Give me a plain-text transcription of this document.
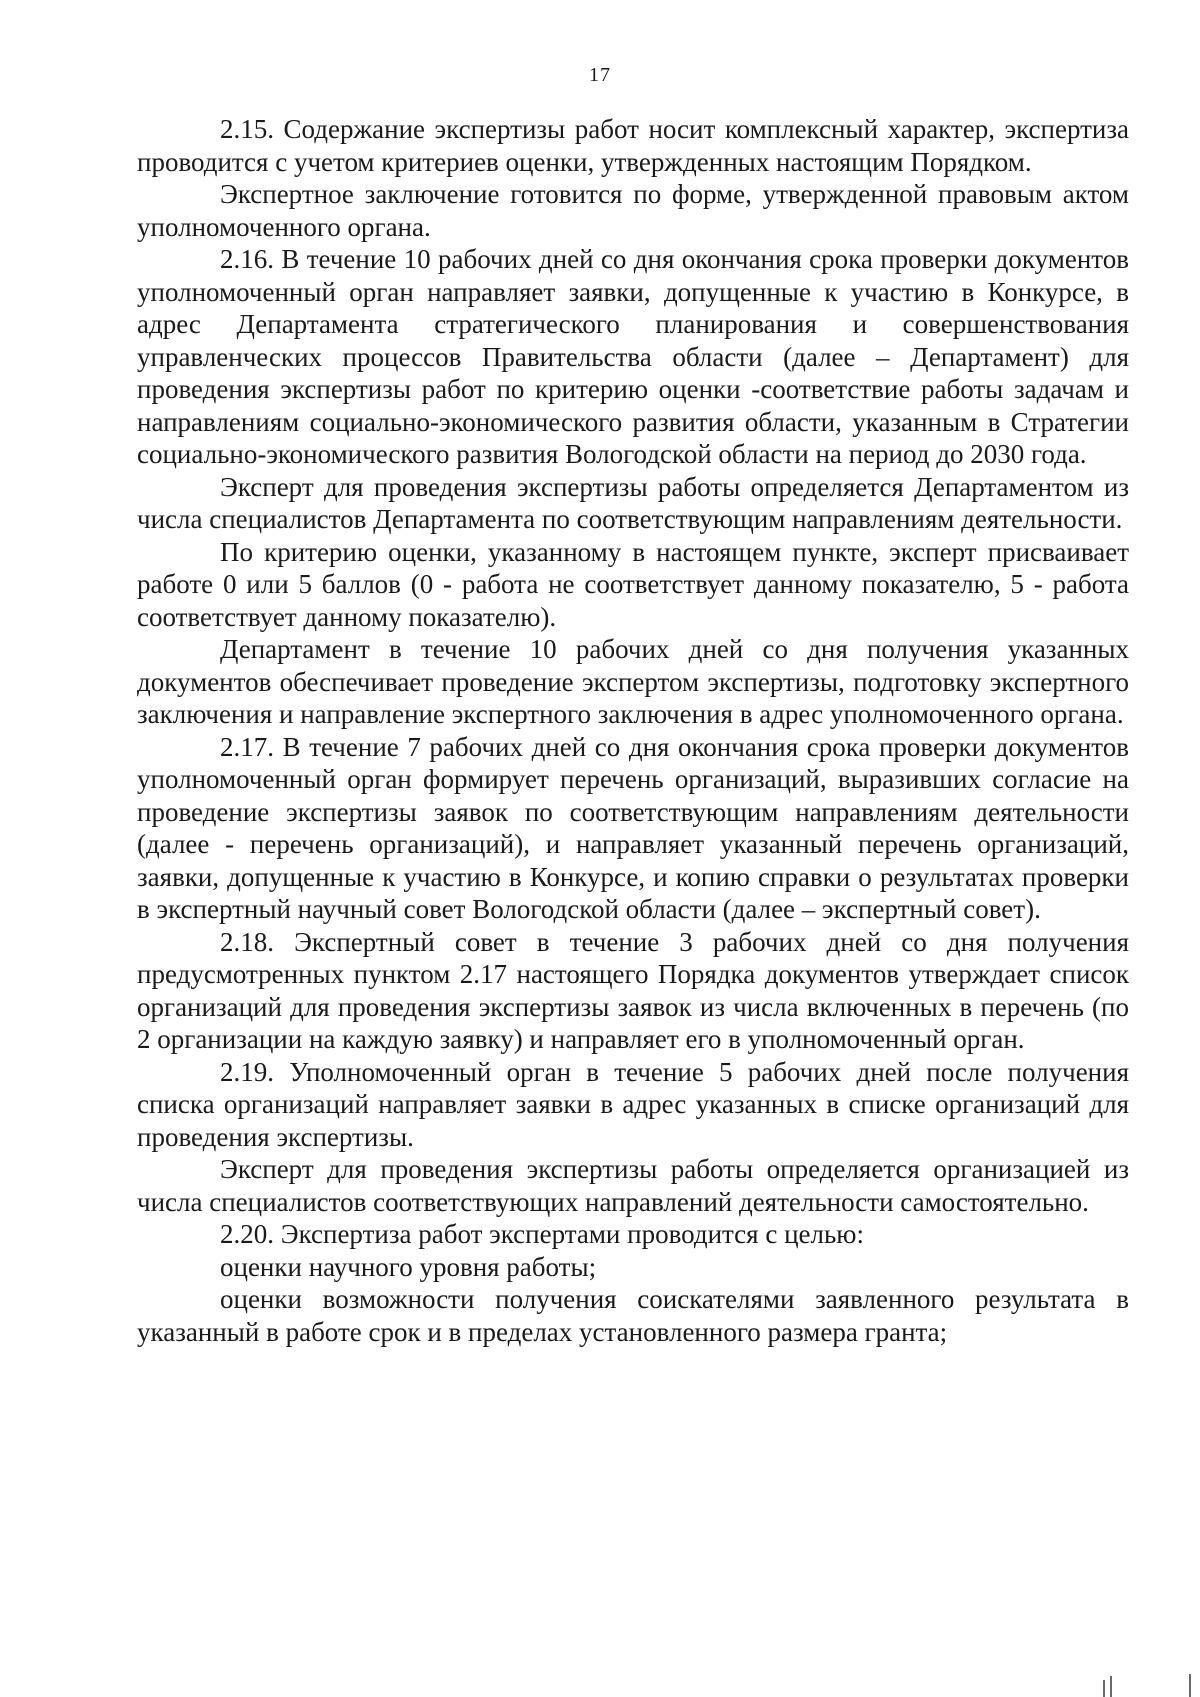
17

2.15. Содержание экспертизы работ носит комплексный характер, экспертиза проводится с учетом критериев оценки, утвержденных настоящим Порядком.

Экспертное заключение готовится по форме, утвержденной правовым актом уполномоченного органа.

2.16. В течение 10 рабочих дней со дня окончания срока проверки документов уполномоченный орган направляет заявки, допущенные к участию в Конкурсе, в адрес Департамента стратегического планирования и совершенствования управленческих процессов Правительства области (далее – Департамент) для проведения экспертизы работ по критерию оценки -соответствие работы задачам и направлениям социально-экономического развития области, указанным в Стратегии социально-экономического развития Вологодской области на период до 2030 года.

Эксперт для проведения экспертизы работы определяется Департаментом из числа специалистов Департамента по соответствующим направлениям деятельности.

По критерию оценки, указанному в настоящем пункте, эксперт присваивает работе 0 или 5 баллов (0 - работа не соответствует данному показателю, 5 - работа соответствует данному показателю).

Департамент в течение 10 рабочих дней со дня получения указанных документов обеспечивает проведение экспертом экспертизы, подготовку экспертного заключения и направление экспертного заключения в адрес уполномоченного органа.

2.17. В течение 7 рабочих дней со дня окончания срока проверки документов уполномоченный орган формирует перечень организаций, выразивших согласие на проведение экспертизы заявок по соответствующим направлениям деятельности (далее - перечень организаций), и направляет указанный перечень организаций, заявки, допущенные к участию в Конкурсе, и копию справки о результатах проверки в экспертный научный совет Вологодской области (далее – экспертный совет).

2.18. Экспертный совет в течение 3 рабочих дней со дня получения предусмотренных пунктом 2.17 настоящего Порядка документов утверждает список организаций для проведения экспертизы заявок из числа включенных в перечень (по 2 организации на каждую заявку) и направляет его в уполномоченный орган.

2.19. Уполномоченный орган в течение 5 рабочих дней после получения списка организаций направляет заявки в адрес указанных в списке организаций для проведения экспертизы.

Эксперт для проведения экспертизы работы определяется организацией из числа специалистов соответствующих направлений деятельности самостоятельно.

2.20. Экспертиза работ экспертами проводится с целью:

оценки научного уровня работы;

оценки возможности получения соискателями заявленного результата в указанный в работе срок и в пределах установленного размера гранта;
